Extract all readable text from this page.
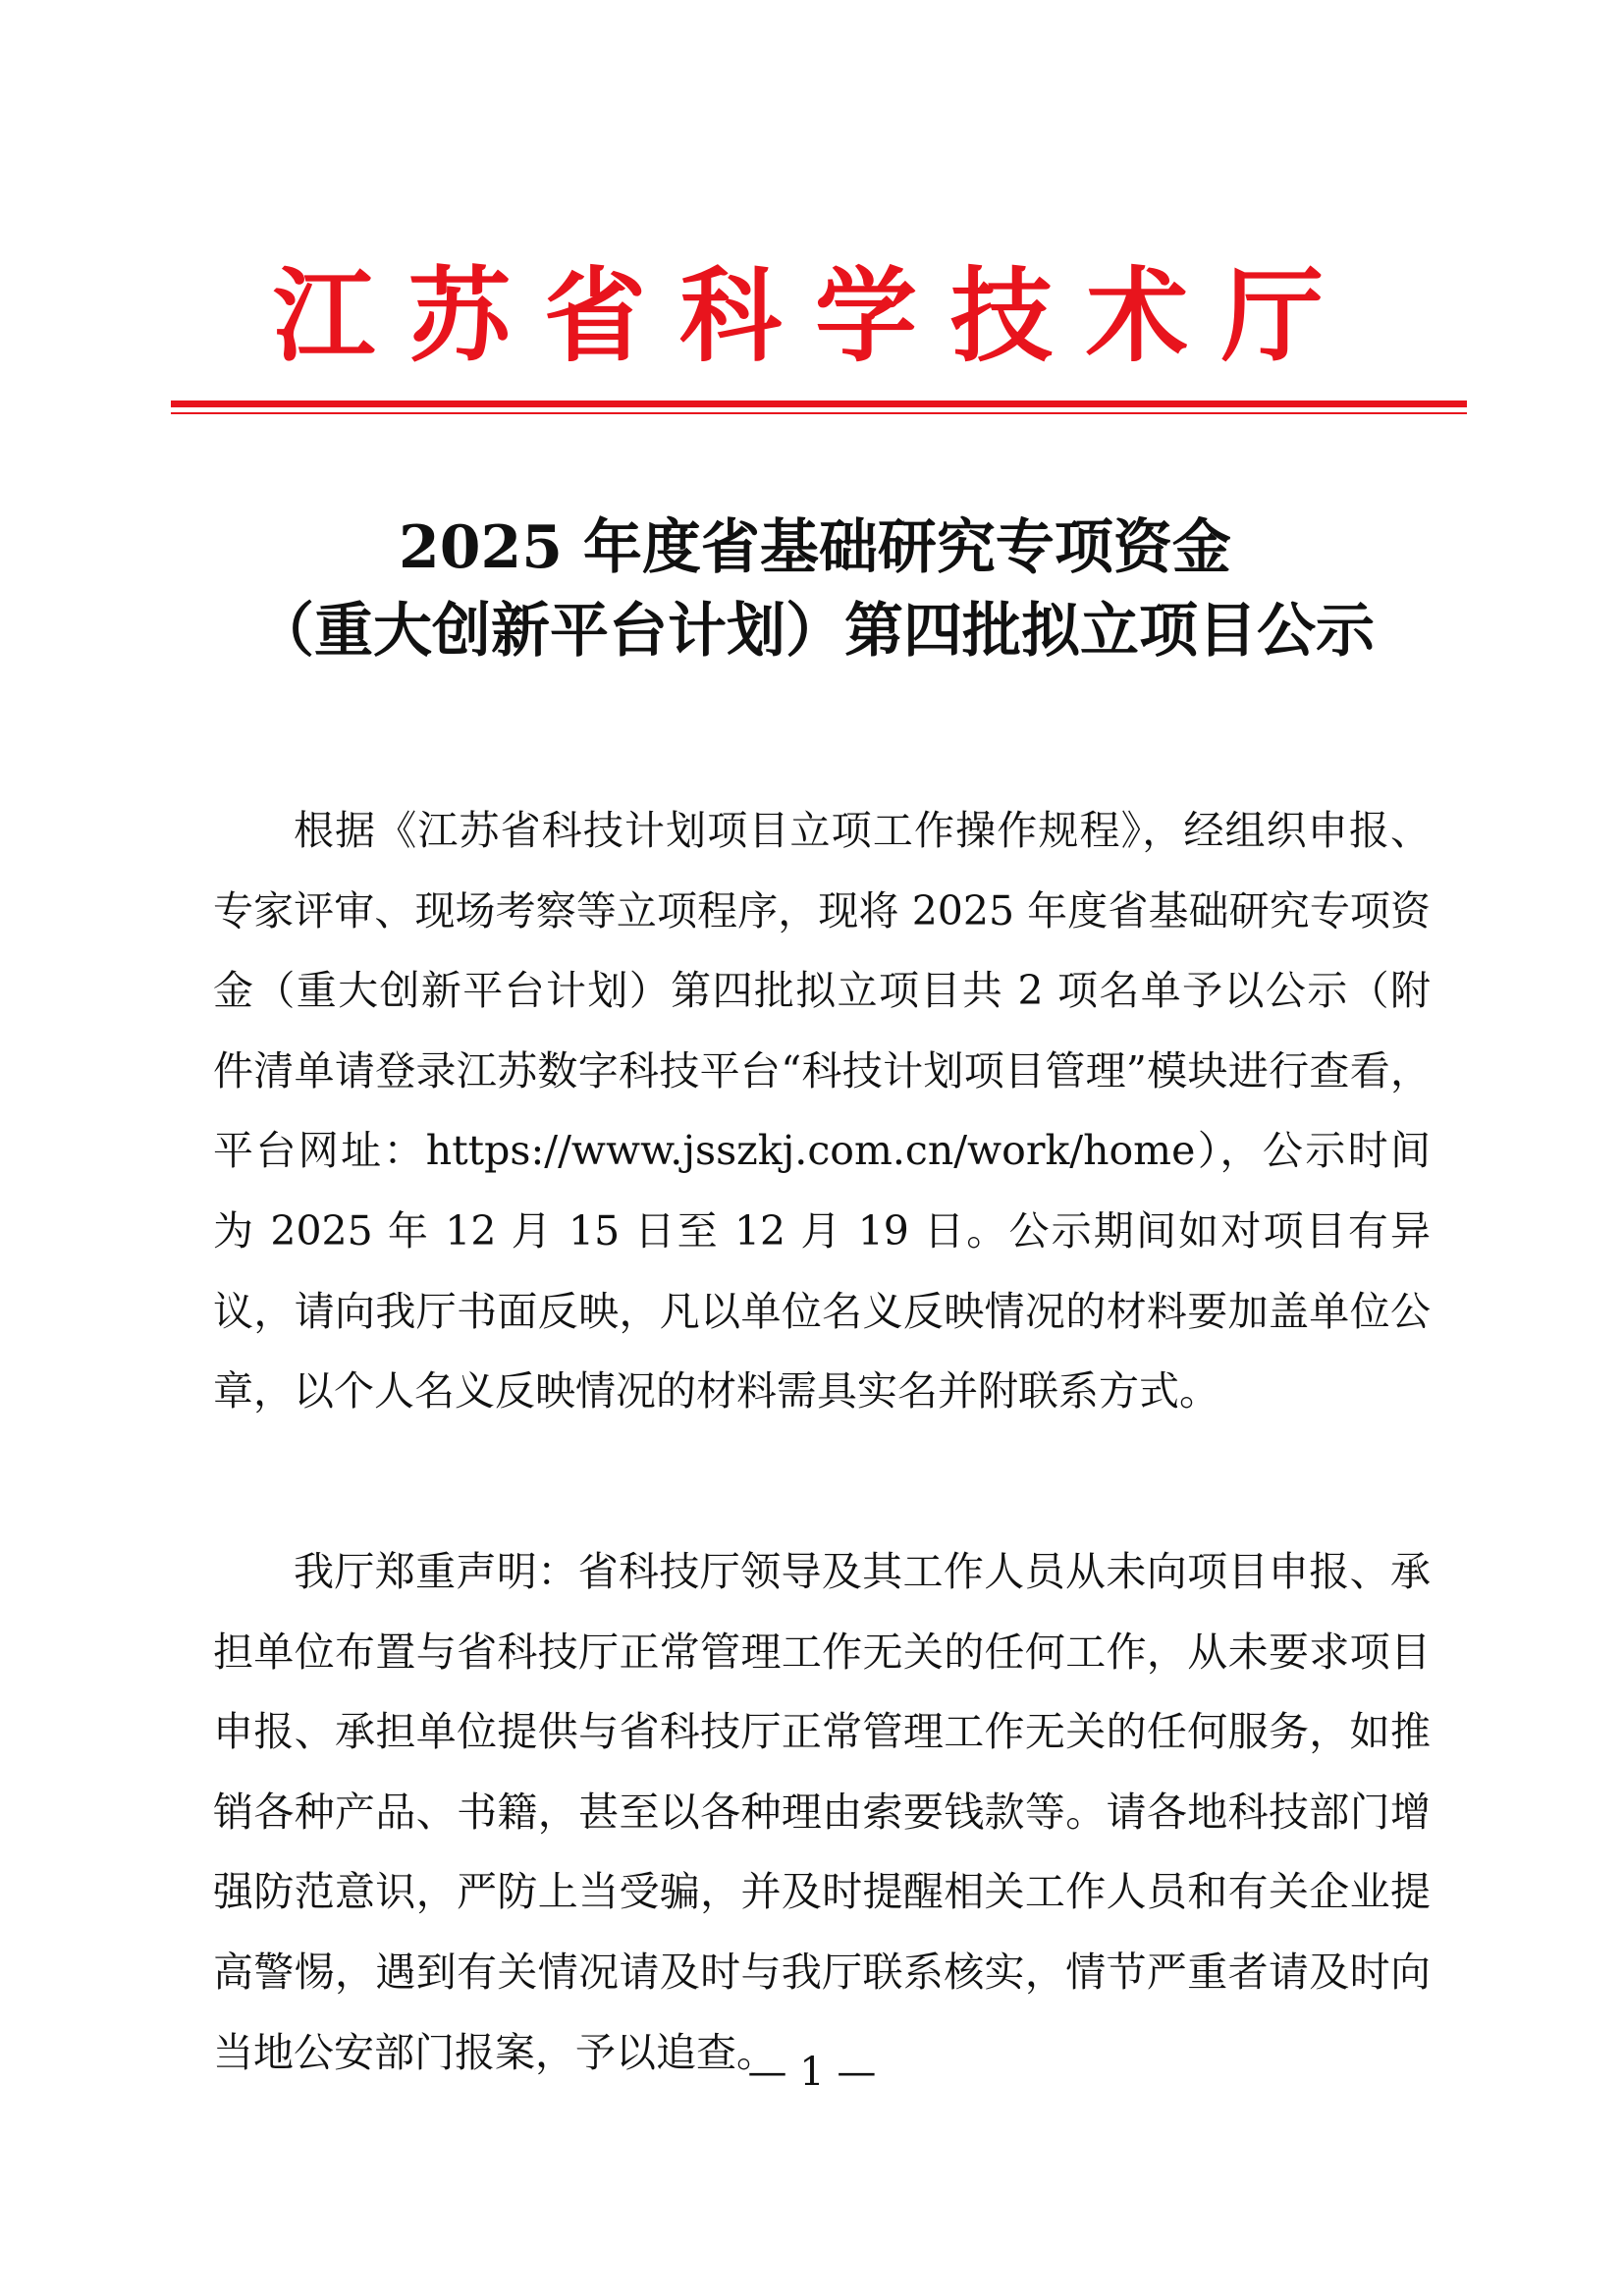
江苏省科学技术厅
2025 年度省基础研究专项资金
（重大创新平台计划）第四批拟立项目公示

根据《江苏省科技计划项目立项工作操作规程》，经组织申报、专家评审、现场考察等立项程序，现将 2025 年度省基础研究专项资金（重大创新平台计划）第四批拟立项目共 2 项名单予以公示（附件清单请登录江苏数字科技平台“科技计划项目管理”模块进行查看，平台网址：https://www.jsszkj.com.cn/work/home），公示时间为 2025 年 12 月 15 日至 12 月 19 日。公示期间如对项目有异议，请向我厅书面反映，凡以单位名义反映情况的材料要加盖单位公章，以个人名义反映情况的材料需具实名并附联系方式。

我厅郑重声明：省科技厅领导及其工作人员从未向项目申报、承担单位布置与省科技厅正常管理工作无关的任何工作，从未要求项目申报、承担单位提供与省科技厅正常管理工作无关的任何服务，如推销各种产品、书籍，甚至以各种理由索要钱款等。请各地科技部门增强防范意识，严防上当受骗，并及时提醒相关工作人员和有关企业提高警惕，遇到有关情况请及时与我厅联系核实，情节严重者请及时向当地公安部门报案，予以追查。

— 1 —
